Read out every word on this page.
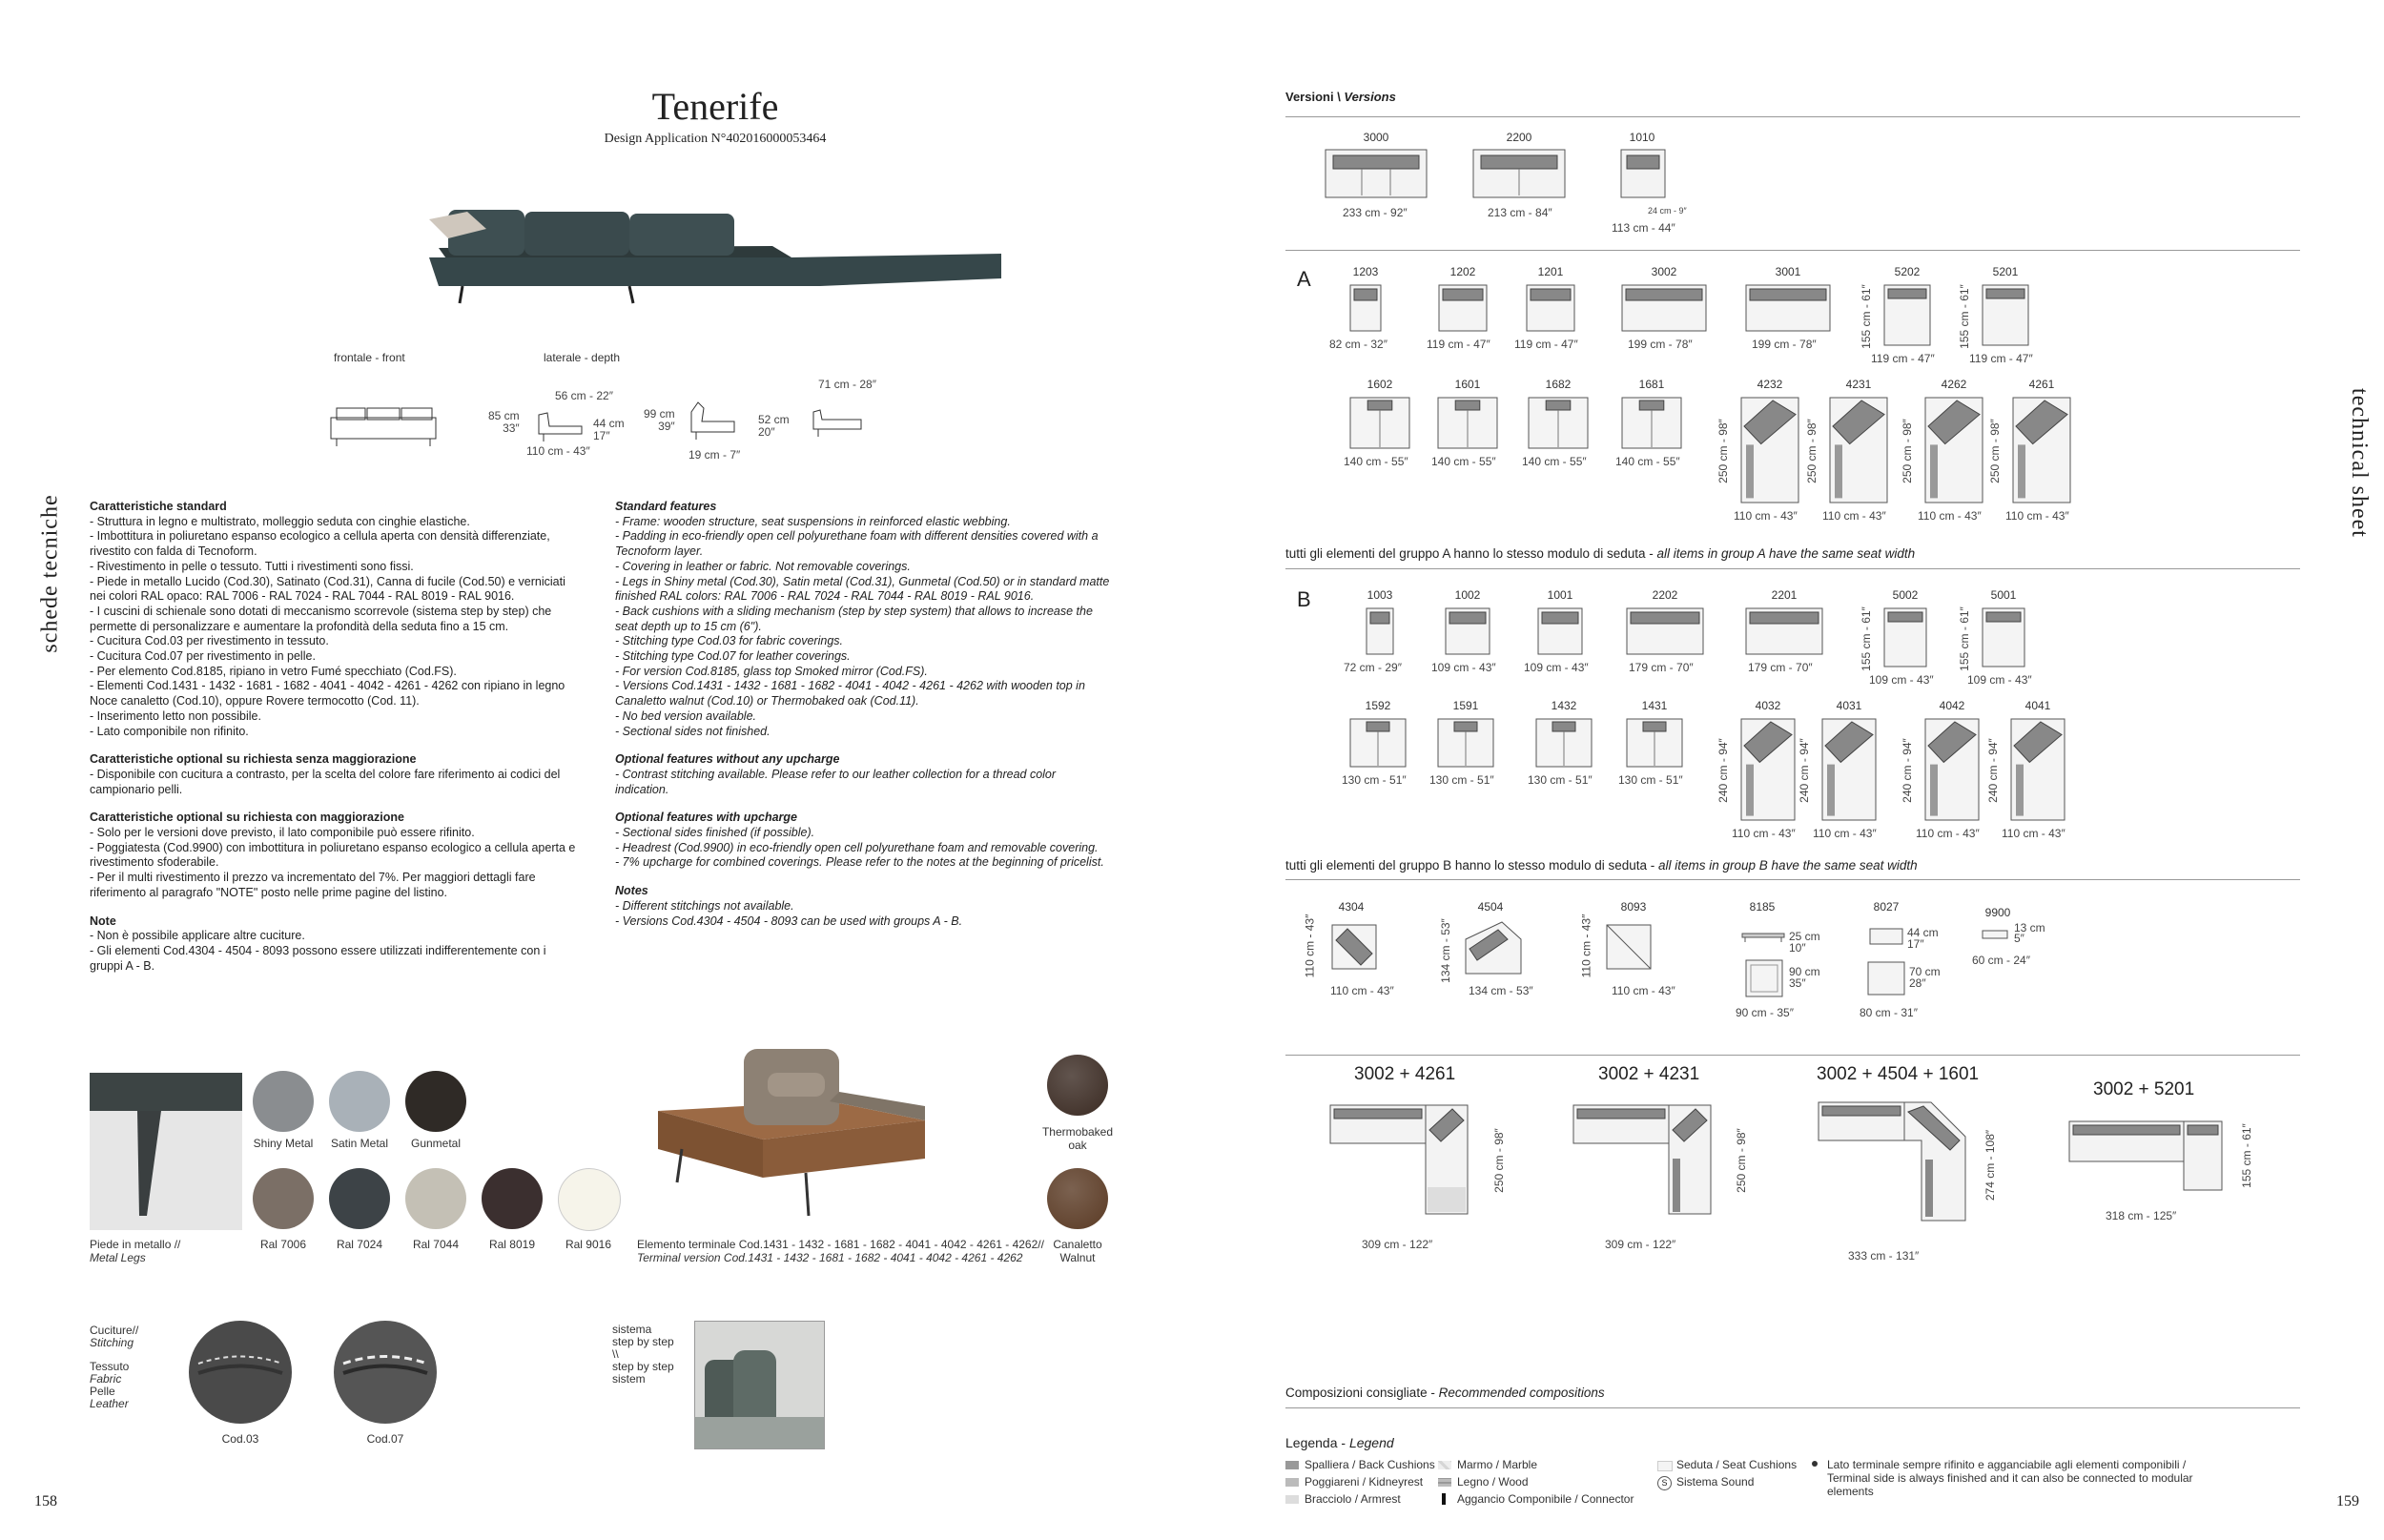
schede tecniche
Tenerife
Design Application N°402016000053464
frontale - front	laterale - depth
56 cm - 22″
85 cm
33″	44 cm
17″
110 cm - 43″
99 cm
39″	52 cm
20″
19 cm - 7″
71 cm - 28″
Caratteristiche standard
- Struttura in legno e multistrato, molleggio seduta con cinghie elastiche.
- Imbottitura in poliuretano espanso ecologico a cellula aperta con densità differenziate, rivestito con falda di Tecnoform.
- Rivestimento in pelle o tessuto. Tutti i rivestimenti sono fissi.
- Piede in metallo Lucido (Cod.30), Satinato (Cod.31), Canna di fucile (Cod.50) e verniciati nei colori RAL opaco: RAL 7006 - RAL 7024 - RAL 7044 - RAL 8019 - RAL 9016.
- I cuscini di schienale sono dotati di meccanismo scorrevole (sistema step by step) che permette di personalizzare e aumentare la profondità della seduta fino a 15 cm.
- Cucitura Cod.03 per rivestimento in tessuto.
- Cucitura Cod.07 per rivestimento in pelle.
- Per elemento Cod.8185, ripiano in vetro Fumé specchiato (Cod.FS).
- Elementi Cod.1431 - 1432 - 1681 - 1682 - 4041 - 4042 - 4261 - 4262 con ripiano in legno Noce canaletto (Cod.10), oppure Rovere termocotto (Cod. 11).
- Inserimento letto non possibile.
- Lato componibile non rifinito.
Caratteristiche optional su richiesta senza maggiorazione
- Disponibile con cucitura a contrasto, per la scelta del colore fare riferimento ai codici del campionario pelli.
Caratteristiche optional su richiesta con maggiorazione
- Solo per le versioni dove previsto, il lato componibile può essere rifinito.
- Poggiatesta (Cod.9900) con imbottitura in poliuretano espanso ecologico a cellula aperta e rivestimento sfoderabile.
- Per il multi rivestimento il prezzo va incrementato del 7%. Per maggiori dettagli fare riferimento al paragrafo "NOTE" posto nelle prime pagine del listino.
Note
- Non è possibile applicare altre cuciture.
- Gli elementi Cod.4304 - 4504 - 8093 possono essere utilizzati indifferentemente con i gruppi A - B.
Standard features
- Frame: wooden structure, seat suspensions in reinforced elastic webbing.
- Padding in eco-friendly open cell polyurethane foam with different densities covered with a Tecnoform layer.
- Covering in leather or fabric. Not removable coverings.
- Legs in Shiny metal (Cod.30), Satin metal (Cod.31), Gunmetal (Cod.50) or in standard matte finished RAL colors: RAL 7006 - RAL 7024 - RAL 7044 - RAL 8019 - RAL 9016.
- Back cushions with a sliding mechanism (step by step system) that allows to increase the seat depth up to 15 cm (6").
- Stitching type Cod.03 for fabric coverings.
- Stitching type Cod.07 for leather coverings.
- For version Cod.8185, glass top Smoked mirror (Cod.FS).
- Versions Cod.1431 - 1432 - 1681 - 1682 - 4041 - 4042 - 4261 - 4262 with wooden top in Canaletto walnut (Cod.10) or Thermobaked oak (Cod.11).
- No bed version available.
- Sectional sides not finished.
Optional features without any upcharge
- Contrast stitching available. Please refer to our leather collection for a thread color indication.
Optional features with upcharge
- Sectional sides finished (if possible).
- Headrest (Cod.9900) in eco-friendly open cell polyurethane foam and removable covering.
- 7% upcharge for combined coverings. Please refer to the notes at the beginning of pricelist.
Notes
- Different stitchings not available.
- Versions Cod.4304 - 4504 - 8093 can be used with groups A - B.
Piede in metallo //
Metal Legs
Shiny Metal	Satin Metal	Gunmetal
Ral 7006	Ral 7024	Ral 7044	Ral 8019	Ral 9016	Elemento terminale Cod.1431 - 1432 - 1681 - 1682 - 4041 - 4042 - 4261 - 4262//
Terminal version Cod.1431 - 1432 - 1681 - 1682 - 4041 - 4042 - 4261 - 4262
Thermobaked
oak
Canaletto
Walnut
Cuciture//
Stitching
Tessuto
Fabric
Pelle
Leather
Cod.03	Cod.07
sistema
step by step
\\
step by step
sistem
158
technical sheet
Versioni \ Versions
3000
233 cm - 92″
2200
213 cm - 84″
1010
24 cm - 9″
113 cm - 44″
A
tutti gli elementi del gruppo A hanno lo stesso modulo di seduta - all items in group A have the same seat width
B
tutti gli elementi del gruppo B hanno lo stesso modulo di seduta - all items in group B have the same seat width
4304
110 cm - 43″
110 cm - 43″
4504
134 cm - 53″
134 cm - 53″
8093
110 cm - 43″
110 cm - 43″
8185
25 cm
10″
90 cm
35″
90 cm - 35″
8027
44 cm
17″
70 cm
28″
80 cm - 31″
9900
13 cm
5″
60 cm - 24″
3002 + 4261
309 cm - 122″
250 cm - 98″
3002 + 4231
309 cm - 122″
250 cm - 98″
3002 + 4504 + 1601
333 cm - 131″
274 cm - 108″
3002 + 5201
318 cm - 125″
155 cm - 61″
Composizioni consigliate - Recommended compositions
Legenda - Legend
Spalliera / Back Cushions
Poggiareni / Kidneyrest
Bracciolo / Armrest
Marmo / Marble
Legno / Wood
Aggancio Componibile / Connector
Seduta / Seat Cushions
S Sistema Sound
Lato terminale sempre rifinito e agganciabile agli elementi componibili / Terminal side is always finished and it can also be connected to modular elements
159
1203
82 cm - 32″
1202
119 cm - 47″
1201
119 cm - 47″
3002
199 cm - 78″
3001
199 cm - 78″
5202
119 cm - 47″
155 cm - 61″
5201
119 cm - 47″
155 cm - 61″
1602
140 cm - 55″
1601
140 cm - 55″
1682
140 cm - 55″
1681
140 cm - 55″
4232
110 cm - 43″
250 cm - 98″
4231
110 cm - 43″
250 cm - 98″
4262
110 cm - 43″
250 cm - 98″
4261
110 cm - 43″
250 cm - 98″
1003
72 cm - 29″
1002
109 cm - 43″
1001
109 cm - 43″
2202
179 cm - 70″
2201
179 cm - 70″
5002
109 cm - 43″
155 cm - 61″
5001
109 cm - 43″
155 cm - 61″
1592
130 cm - 51″
1591
130 cm - 51″
1432
130 cm - 51″
1431
130 cm - 51″
4032
110 cm - 43″
240 cm - 94″
4031
110 cm - 43″
240 cm - 94″
4042
110 cm - 43″
240 cm - 94″
4041
110 cm - 43″
240 cm - 94″
